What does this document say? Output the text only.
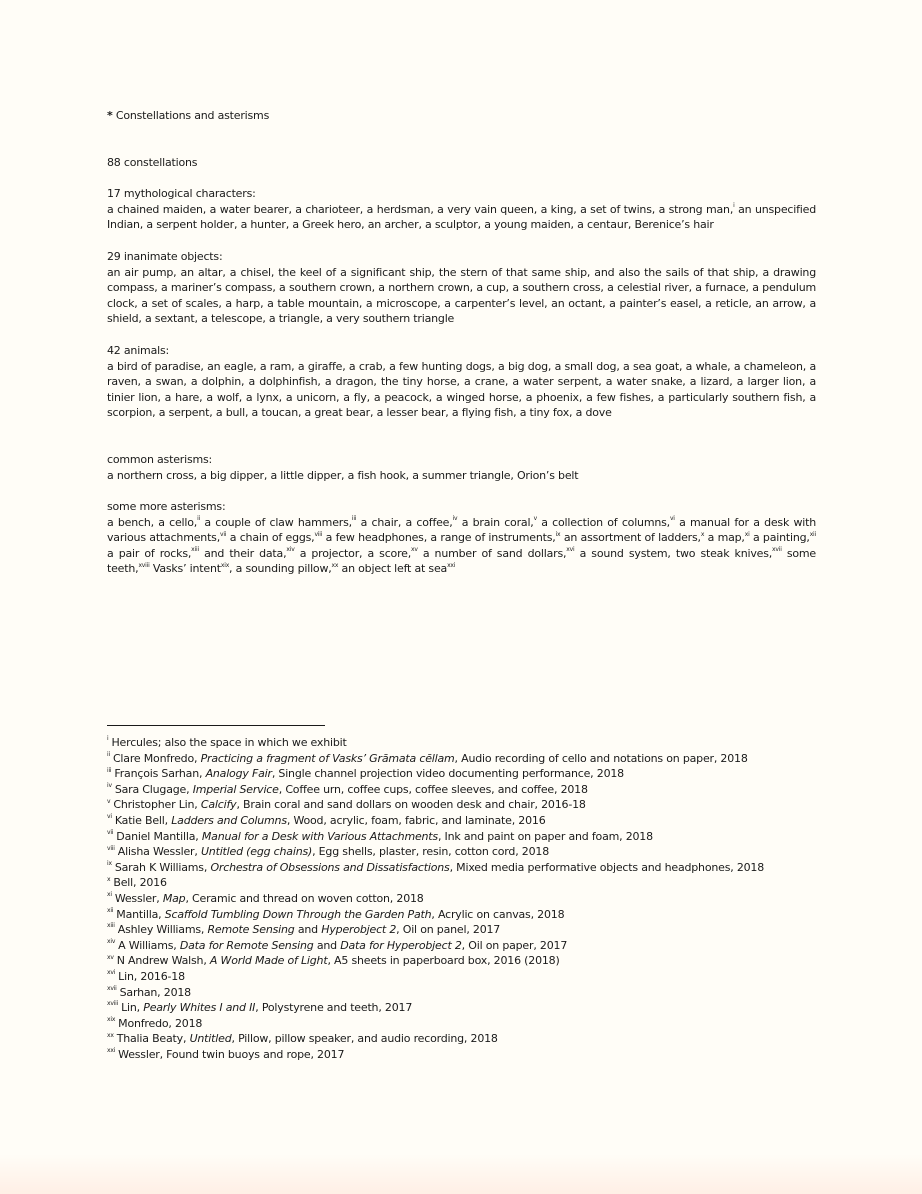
* Constellations and asterisms

88 constellations

17 mythological characters:

a chained maiden, a water bearer, a charioteer, a herdsman, a very vain queen, a king, a set of twins, a strong man,$^i$ an unspecified Indian, a serpent holder, a hunter, a Greek hero, an archer, a sculptor, a young maiden, a centaur, Berenice’s hair

29 inanimate objects:

an air pump, an altar, a chisel, the keel of a significant ship, the stern of that same ship, and also the sails of that ship, a drawing compass, a mariner’s compass, a southern crown, a northern crown, a cup, a southern cross, a celestial river, a furnace, a pendulum clock, a set of scales, a harp, a table mountain, a microscope, a carpenter’s level, an octant, a painter’s easel, a reticle, an arrow, a shield, a sextant, a telescope, a triangle, a very southern triangle

42 animals:

a bird of paradise, an eagle, a ram, a giraffe, a crab, a few hunting dogs, a big dog, a small dog, a sea goat, a whale, a chameleon, a raven, a swan, a dolphin, a dolphinfish, a dragon, the tiny horse, a crane, a water serpent, a water snake, a lizard, a larger lion, a tinier lion, a hare, a wolf, a lynx, a unicorn, a fly, a peacock, a winged horse, a phoenix, a few fishes, a particularly southern fish, a scorpion, a serpent, a bull, a toucan, a great bear, a lesser bear, a flying fish, a tiny fox, a dove

common asterisms:

a northern cross, a big dipper, a little dipper, a fish hook, a summer triangle, Orion’s belt

some more asterisms:

a bench, a cello,$^{ii}$ a couple of claw hammers,$^{iii}$ a chair, a coffee,$^{iv}$ a brain coral,$^v$ a collection of columns,$^{vi}$ a manual for a desk with various attachments,$^{vii}$ a chain of eggs,$^{viii}$ a few headphones, a range of instruments,$^{ix}$ an assortment of ladders,$^x$ a map,$^{xi}$ a painting,$^{xii}$ a pair of rocks,$^{xiii}$ and their data,$^{xiv}$ a projector, a score,$^{xv}$ a number of sand dollars,$^{xvi}$ a sound system, two steak knives,$^{xvii}$ some teeth,$^{xviii}$ Vasks’ intent$^{xix}$, a sounding pillow,$^{xx}$ an object left at sea$^{xxi}$

$^i$ Hercules; also the space in which we exhibit
$^{ii}$ Clare Monfredo, Practicing a fragment of Vasks’ Grāmata cēllam, Audio recording of cello and notations on paper, 2018
$^{iii}$ François Sarhan, Analogy Fair, Single channel projection video documenting performance, 2018
$^{iv}$ Sara Clugage, Imperial Service, Coffee urn, coffee cups, coffee sleeves, and coffee, 2018
$^v$ Christopher Lin, Calcify, Brain coral and sand dollars on wooden desk and chair, 2016-18
$^{vi}$ Katie Bell, Ladders and Columns, Wood, acrylic, foam, fabric, and laminate, 2016
$^{vii}$ Daniel Mantilla, Manual for a Desk with Various Attachments, Ink and paint on paper and foam, 2018
$^{viii}$ Alisha Wessler, Untitled (egg chains), Egg shells, plaster, resin, cotton cord, 2018
$^{ix}$ Sarah K Williams, Orchestra of Obsessions and Dissatisfactions, Mixed media performative objects and headphones, 2018
$^x$ Bell, 2016
$^{xi}$ Wessler, Map, Ceramic and thread on woven cotton, 2018
$^{xii}$ Mantilla, Scaffold Tumbling Down Through the Garden Path, Acrylic on canvas, 2018
$^{xiii}$ Ashley Williams, Remote Sensing and Hyperobject 2, Oil on panel, 2017
$^{xiv}$ A Williams, Data for Remote Sensing and Data for Hyperobject 2, Oil on paper, 2017
$^{xv}$ N Andrew Walsh, A World Made of Light, A5 sheets in paperboard box, 2016 (2018)
$^{xvi}$ Lin, 2016-18
$^{xvii}$ Sarhan, 2018
$^{xviii}$ Lin, Pearly Whites I and II, Polystyrene and teeth, 2017
$^{xix}$ Monfredo, 2018
$^{xx}$ Thalia Beaty, Untitled, Pillow, pillow speaker, and audio recording, 2018
$^{xxi}$ Wessler, Found twin buoys and rope, 2017
